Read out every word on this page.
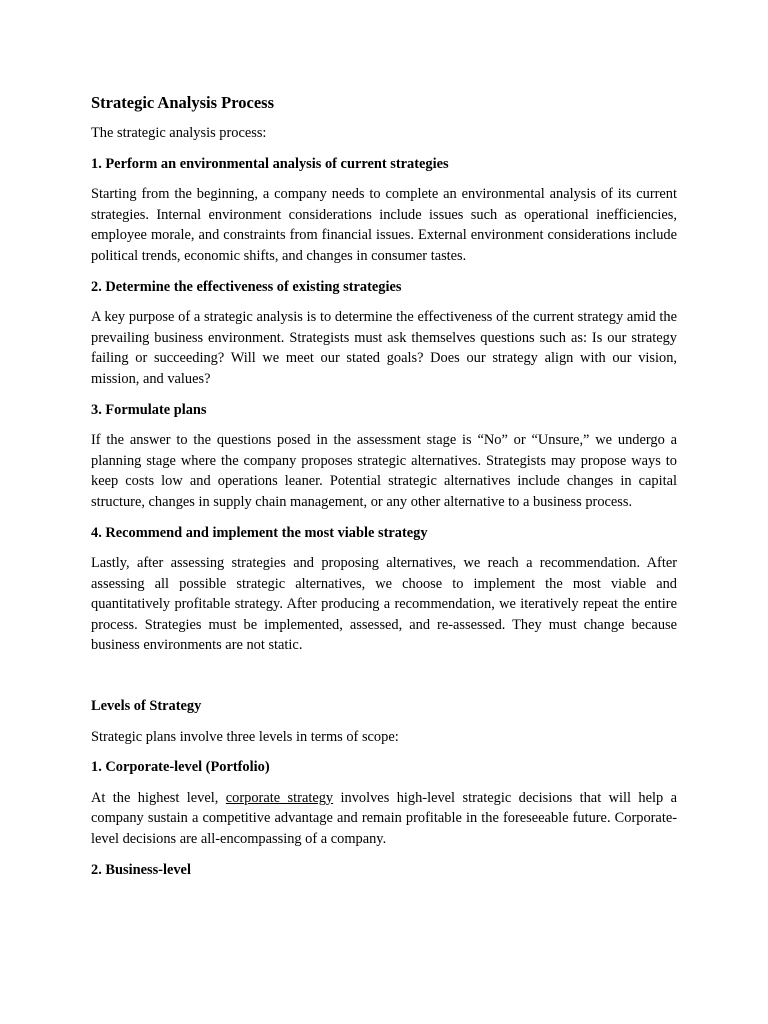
Strategic Analysis Process
The strategic analysis process:
1. Perform an environmental analysis of current strategies
Starting from the beginning, a company needs to complete an environmental analysis of its current strategies. Internal environment considerations include issues such as operational inefficiencies, employee morale, and constraints from financial issues. External environment considerations include political trends, economic shifts, and changes in consumer tastes.
2. Determine the effectiveness of existing strategies
A key purpose of a strategic analysis is to determine the effectiveness of the current strategy amid the prevailing business environment. Strategists must ask themselves questions such as: Is our strategy failing or succeeding? Will we meet our stated goals? Does our strategy align with our vision, mission, and values?
3. Formulate plans
If the answer to the questions posed in the assessment stage is “No” or “Unsure,” we undergo a planning stage where the company proposes strategic alternatives. Strategists may propose ways to keep costs low and operations leaner. Potential strategic alternatives include changes in capital structure, changes in supply chain management, or any other alternative to a business process.
4. Recommend and implement the most viable strategy
Lastly, after assessing strategies and proposing alternatives, we reach a recommendation. After assessing all possible strategic alternatives, we choose to implement the most viable and quantitatively profitable strategy. After producing a recommendation, we iteratively repeat the entire process. Strategies must be implemented, assessed, and re-assessed. They must change because business environments are not static.
Levels of Strategy
Strategic plans involve three levels in terms of scope:
1. Corporate-level (Portfolio)
At the highest level, corporate strategy involves high-level strategic decisions that will help a company sustain a competitive advantage and remain profitable in the foreseeable future. Corporate-level decisions are all-encompassing of a company.
2. Business-level
